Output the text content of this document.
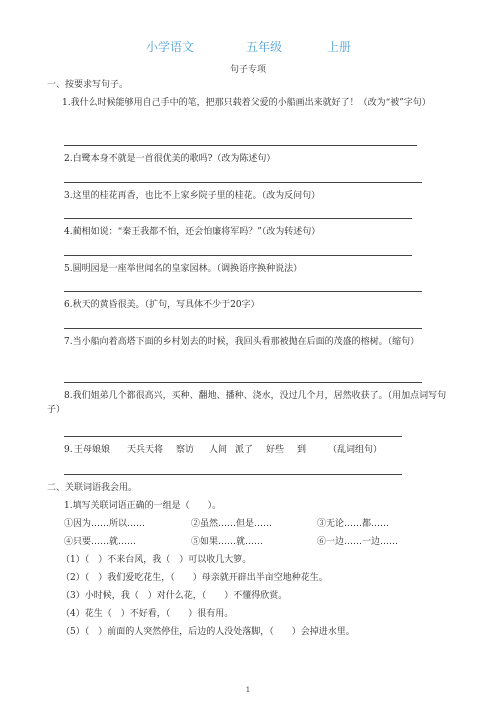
小学语文	五年级	上册
句子专项
一、按要求写句子。
1.我什么时候能够用自己手中的笔，把那只载着父爱的小船画出来就好了！（改为“被”字句）
2.白鹭本身不就是一首很优美的歌吗?（改为陈述句）
3.这里的桂花再香，也比不上家乡院子里的桂花。（改为反问句）
4.蔺相如说：“秦王我都不怕，还会怕廉将军吗？”（改为转述句）
5.圆明园是一座举世闻名的皇家园林。（调换语序换种说法）
6.秋天的黄昏很美。（扩句，写具体不少于20字）
7.当小船向着高塔下面的乡村划去的时候，我回头看那被抛在后面的茂盛的榕树。（缩句）
8.我们姐弟几个都很高兴，买种、翻地、播种、浇水，没过几个月，居然收获了。（用加点词写句子）
9. 王母娘娘 天兵天将 察访 人间 派了 好些 到 （乱词组句）
二、关联词语我会用。
1.填写关联词语正确的一组是（　　）。
①因为……所以……	②虽然……但是……	③无论……都……
④只要……就……	⑤如果……就……	⑥一边……一边……
（1）（　）不来台风，我（　）可以收几大箩。
（2）（　）我们爱吃花生，（　　）母亲就开辟出半亩空地种花生。
（3）小时候，我（　）对什么花，（　　）不懂得欣赏。
（4）花生（　）不好看，（　　）很有用。
（5）（　）前面的人突然停住，后边的人没处落脚，（　　）会掉进水里。
1
